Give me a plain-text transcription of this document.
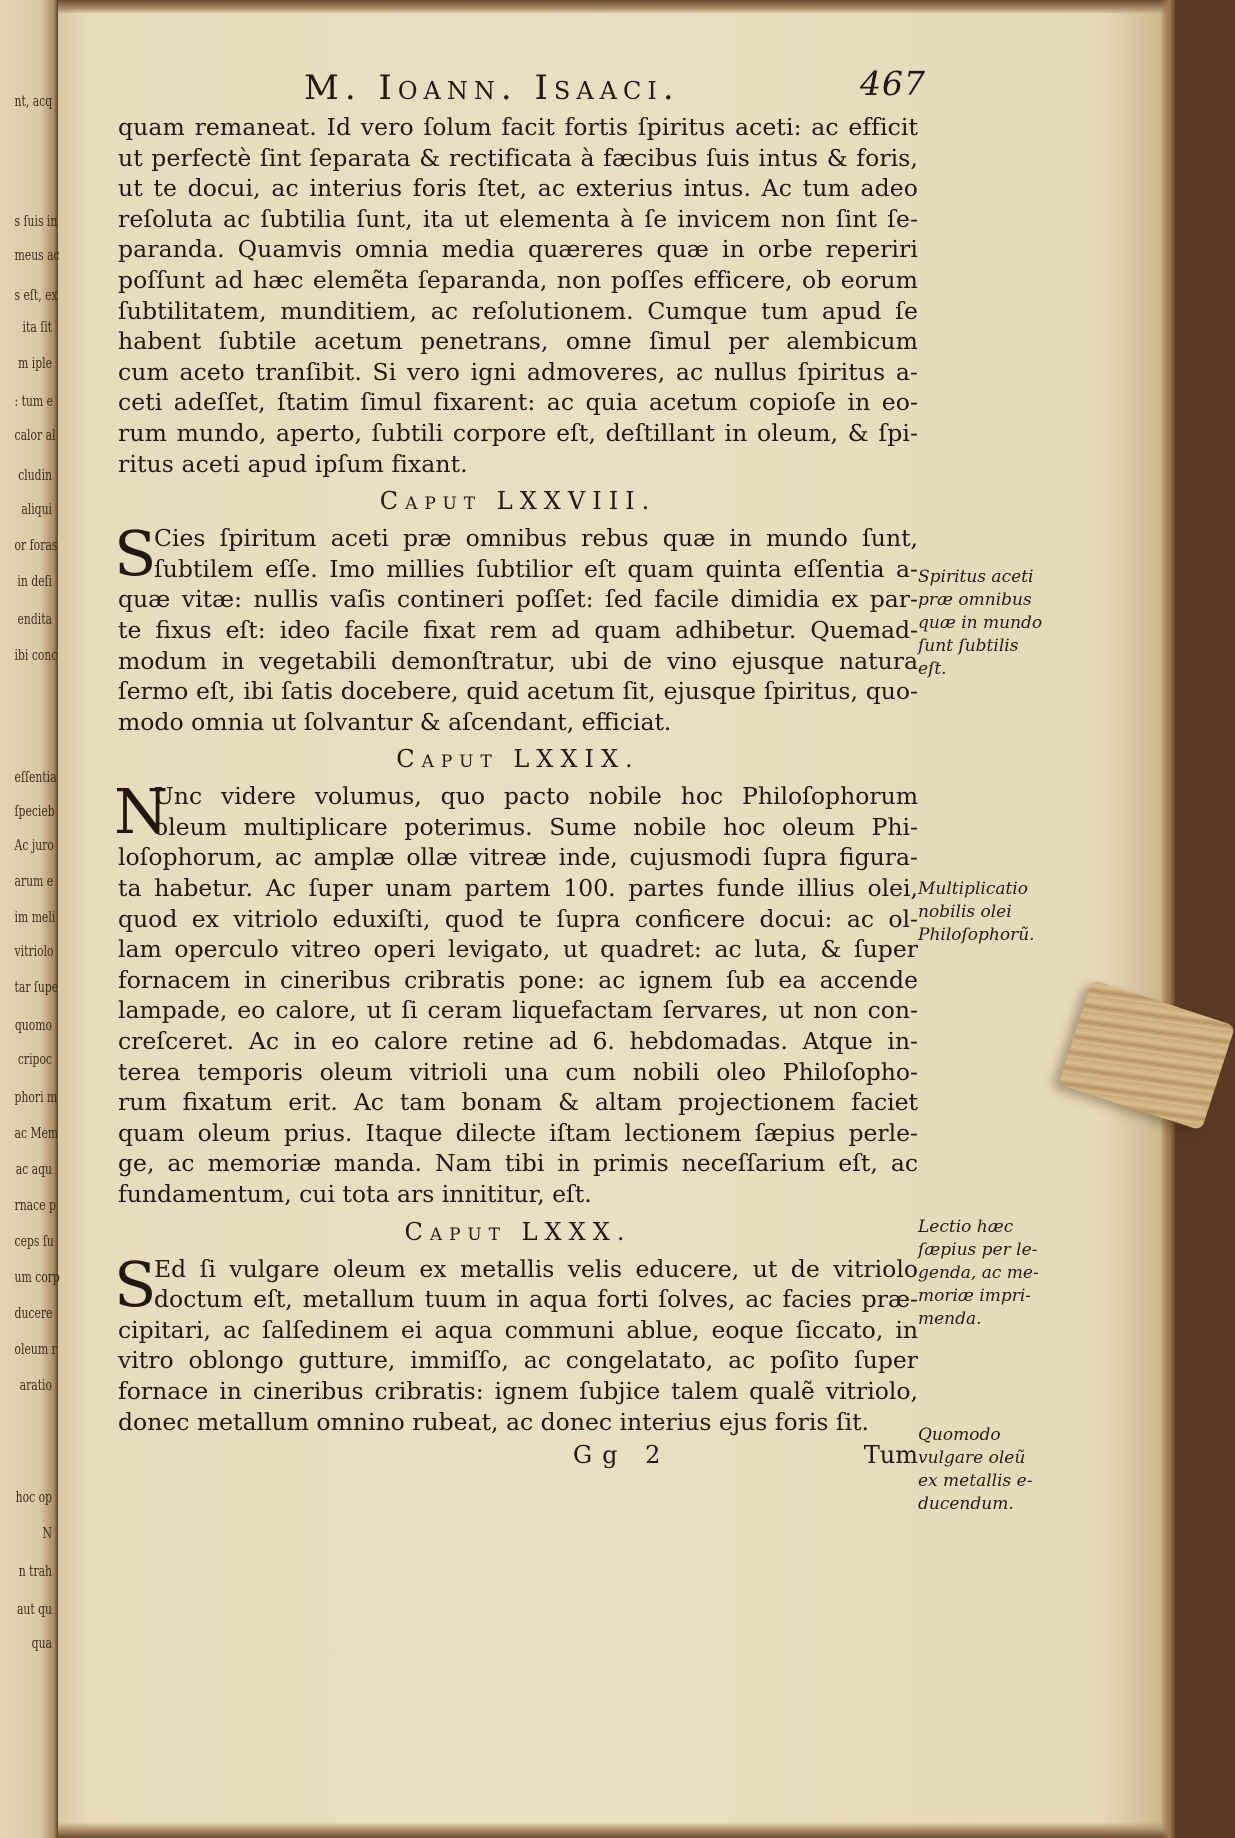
nt, acq
s ſuis in
meus ac
s eſt, ex
ita ſit
m iple
: tum e
calor al
cludin
aliqui
or foras
in deſi
endita
ibi conc
eſſentia
ſpecieb
Ac juro
arum e
im meli
vitriolo
tar ſupe
quomo
cripoc
phori m
ac Mem
ac aqu
rnace p
ceps ſu
um corp
ducere
oleum r
aratio
hoc op
N
n trah
aut qu
qua
M. Ioann. Isaaci.	467
quam remaneat. Id vero ſolum facit fortis ſpiritus aceti: ac efficit
ut perfectè ſint ſeparata & rectificata à fæcibus ſuis intus & foris,
ut te docui, ac interius foris ſtet, ac exterius intus. Ac tum adeo
reſoluta ac ſubtilia ſunt, ita ut elementa à ſe invicem non ſint ſe-
paranda. Quamvis omnia media quæreres quæ in orbe reperiri
poſſunt ad hæc elemẽta ſeparanda, non poſſes efficere, ob eorum
ſubtilitatem, munditiem, ac reſolutionem. Cumque tum apud ſe
habent ſubtile acetum penetrans, omne ſimul per alembicum
cum aceto tranſibit. Si vero igni admoveres, ac nullus ſpiritus a-
ceti adeſſet, ſtatim ſimul fixarent: ac quia acetum copioſe in eo-
rum mundo, aperto, ſubtili corpore eſt, deſtillant in oleum, & ſpi-
ritus aceti apud ipſum fixant.
Caput LXXVIII.
S
Cies ſpiritum aceti præ omnibus rebus quæ in mundo ſunt,
ſubtilem eſſe. Imo millies ſubtilior eſt quam quinta eſſentia a-
quæ vitæ: nullis vaſis contineri poſſet: ſed facile dimidia ex par-
te fixus eſt: ideo facile fixat rem ad quam adhibetur. Quemad-
modum in vegetabili demonſtratur, ubi de vino ejusque natura
ſermo eſt, ibi ſatis docebere, quid acetum ſit, ejusque ſpiritus, quo-
modo omnia ut ſolvantur & aſcendant, efficiat.
Caput LXXIX.
N
Unc videre volumus, quo pacto nobile hoc Philoſophorum
oleum multiplicare poterimus. Sume nobile hoc oleum Phi-
loſophorum, ac amplæ ollæ vitreæ inde, cujusmodi ſupra figura-
ta habetur. Ac ſuper unam partem 100. partes funde illius olei,
quod ex vitriolo eduxiſti, quod te ſupra conficere docui: ac ol-
lam operculo vitreo operi levigato, ut quadret: ac luta, & ſuper
fornacem in cineribus cribratis pone: ac ignem ſub ea accende
lampade, eo calore, ut ſi ceram liquefactam ſervares, ut non con-
creſceret. Ac in eo calore retine ad 6. hebdomadas. Atque in-
terea temporis oleum vitrioli una cum nobili oleo Philoſopho-
rum fixatum erit. Ac tam bonam & altam projectionem faciet
quam oleum prius. Itaque dilecte iſtam lectionem ſæpius perle-
ge, ac memoriæ manda. Nam tibi in primis neceſſarium eſt, ac
fundamentum, cui tota ars innititur, eſt.
Caput LXXX.
S
Ed ſi vulgare oleum ex metallis velis educere, ut de vitriolo
doctum eſt, metallum tuum in aqua forti ſolves, ac facies præ-
cipitari, ac ſalſedinem ei aqua communi ablue, eoque ſiccato, in
vitro oblongo gutture, immiſſo, ac congelatato, ac poſito ſuper
fornace in cineribus cribratis: ignem ſubjice talem qualẽ vitriolo,
donec metallum omnino rubeat, ac donec interius ejus foris ſit.
Gg 2	Tum
Spiritus aceti
præ omnibus
quæ in mundo
ſunt ſubtilis
eſt.
Multiplicatio
nobilis olei
Philoſophorũ.
Lectio hæc
ſæpius per le-
genda, ac me-
moriæ impri-
menda.
Quomodo
vulgare oleũ
ex metallis e-
ducendum.
